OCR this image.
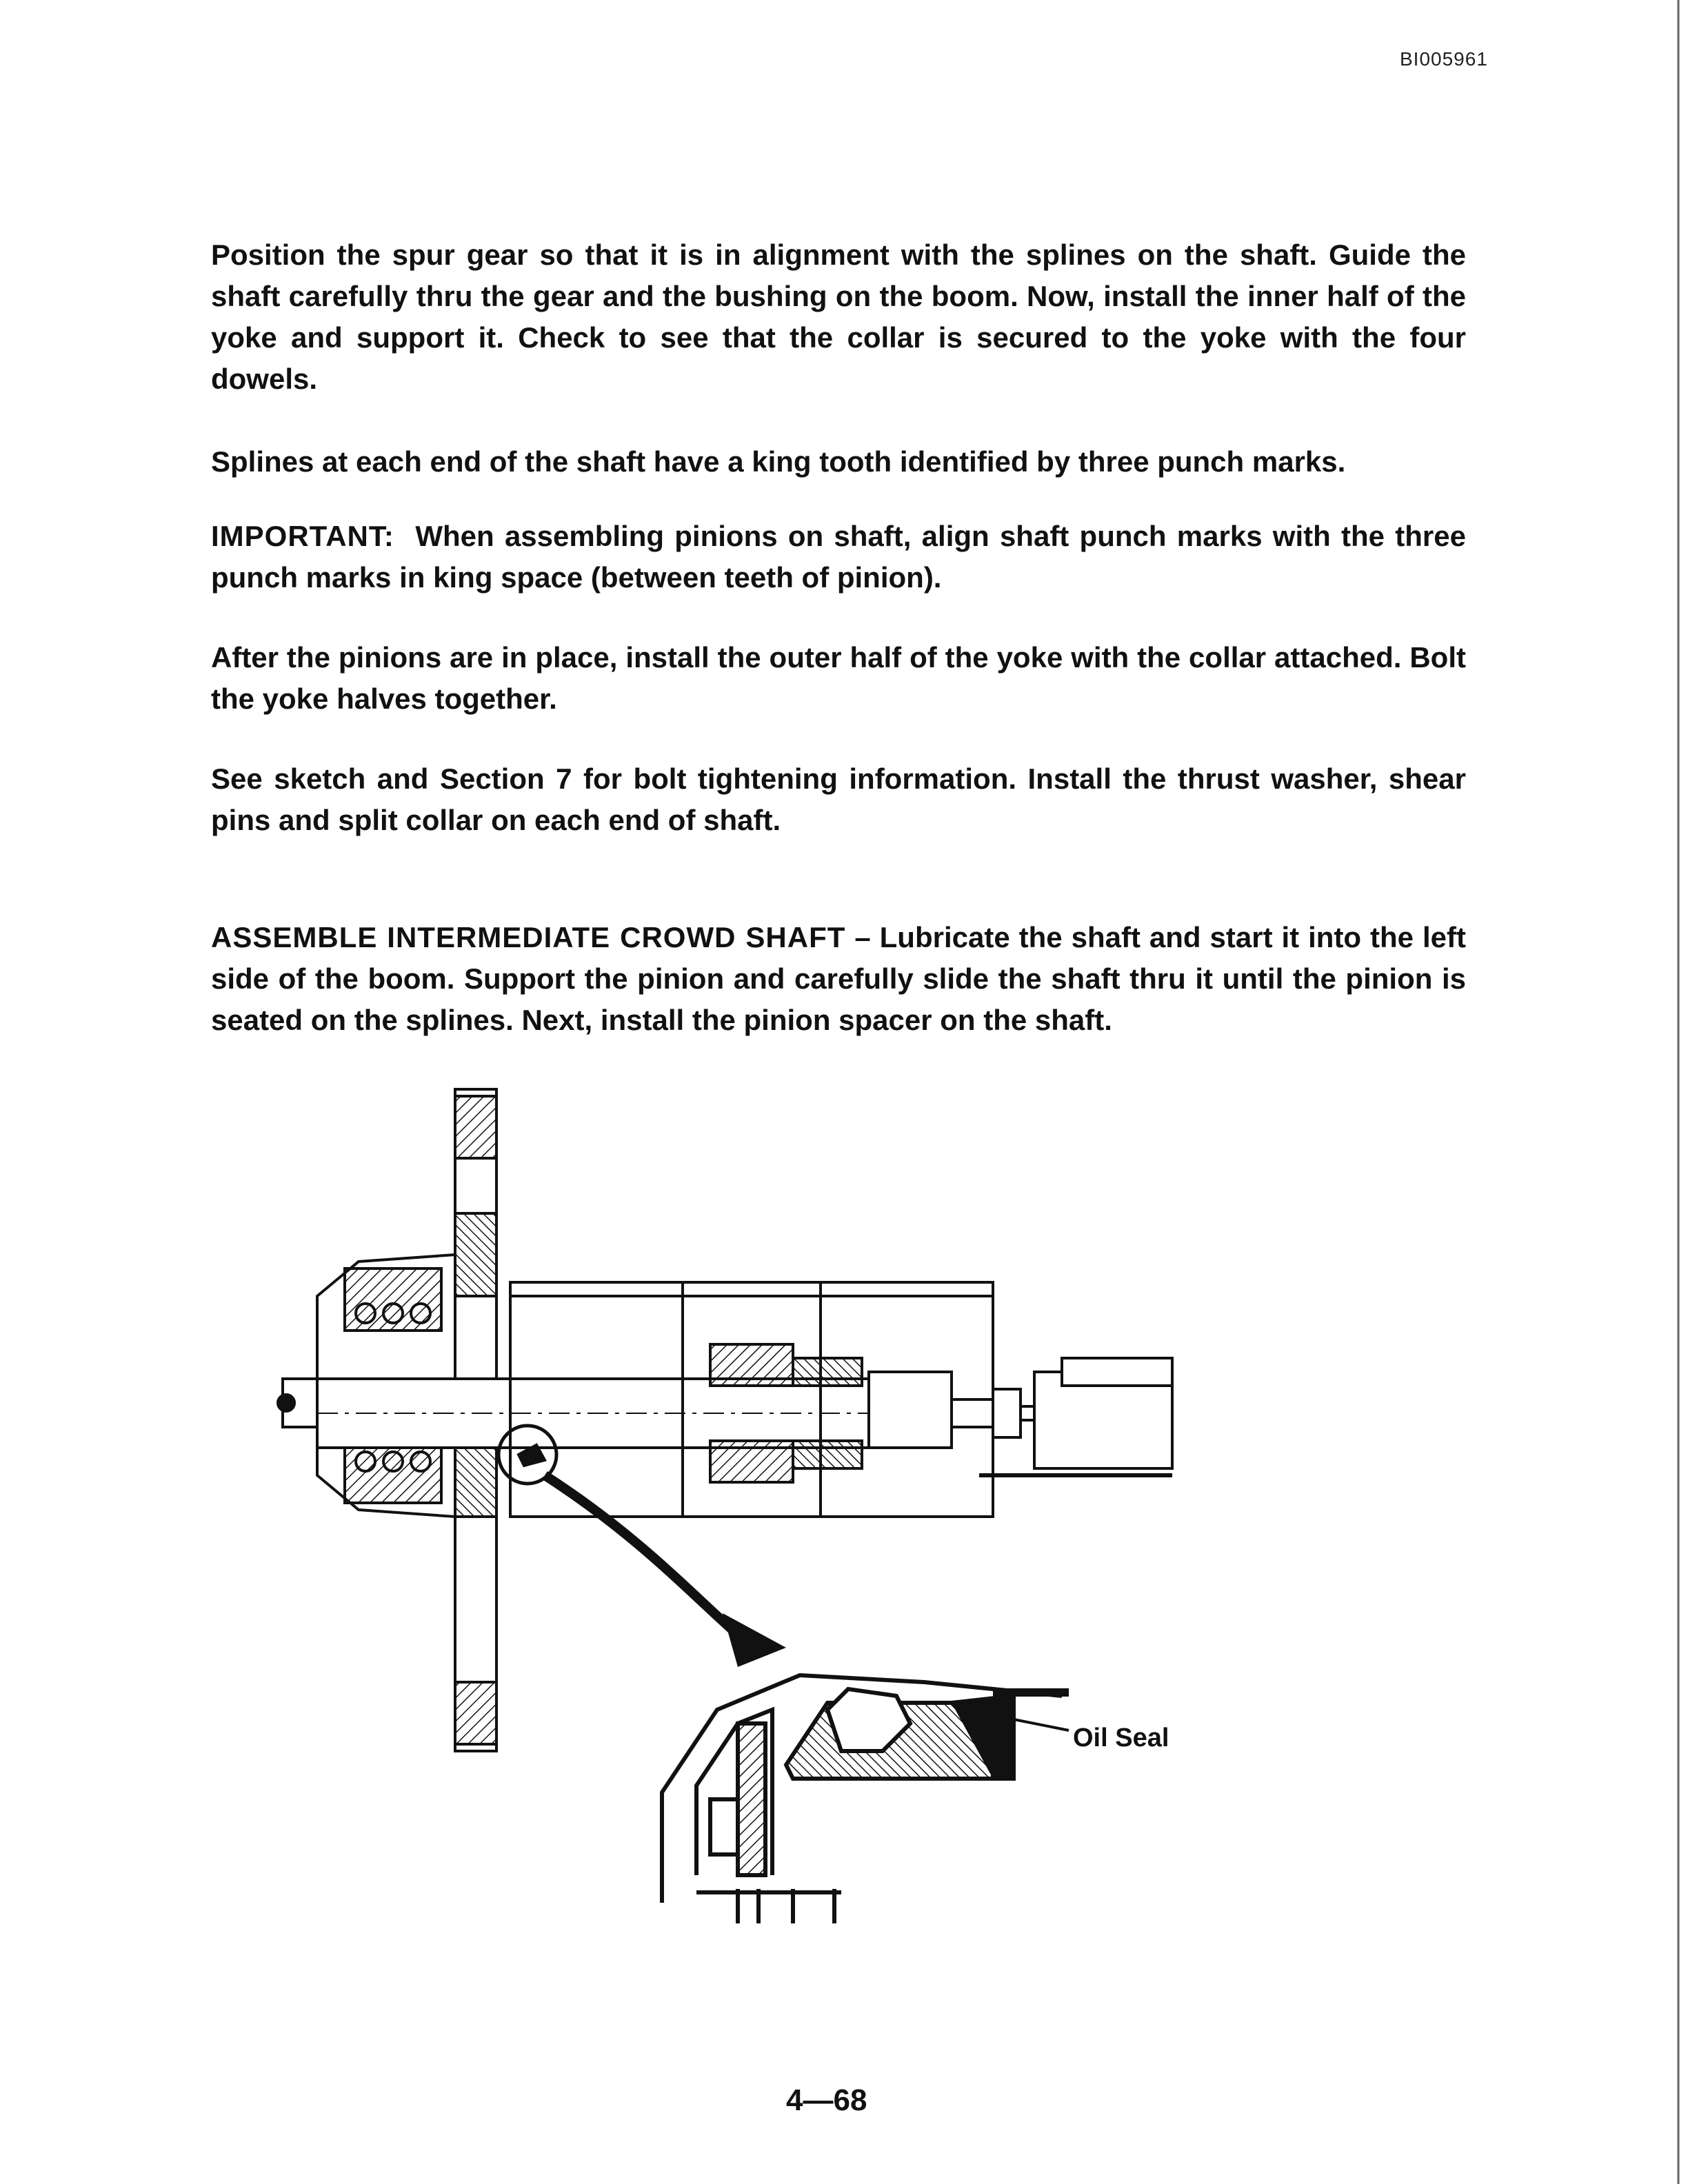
BI005961

Position the spur gear so that it is in alignment with the splines on the shaft. Guide the shaft carefully thru the gear and the bushing on the boom. Now, install the inner half of the yoke and support it. Check to see that the collar is secured to the yoke with the four dowels.

Splines at each end of the shaft have a king tooth identified by three punch marks.

IMPORTANT: When assembling pinions on shaft, align shaft punch marks with the three punch marks in king space (between teeth of pinion).

After the pinions are in place, install the outer half of the yoke with the collar attached. Bolt the yoke halves together.

See sketch and Section 7 for bolt tightening information. Install the thrust washer, shear pins and split collar on each end of shaft.

ASSEMBLE INTERMEDIATE CROWD SHAFT – Lubricate the shaft and start it into the left side of the boom. Support the pinion and carefully slide the shaft thru it until the pinion is seated on the splines. Next, install the pinion spacer on the shaft.

Oil Seal
4—68
